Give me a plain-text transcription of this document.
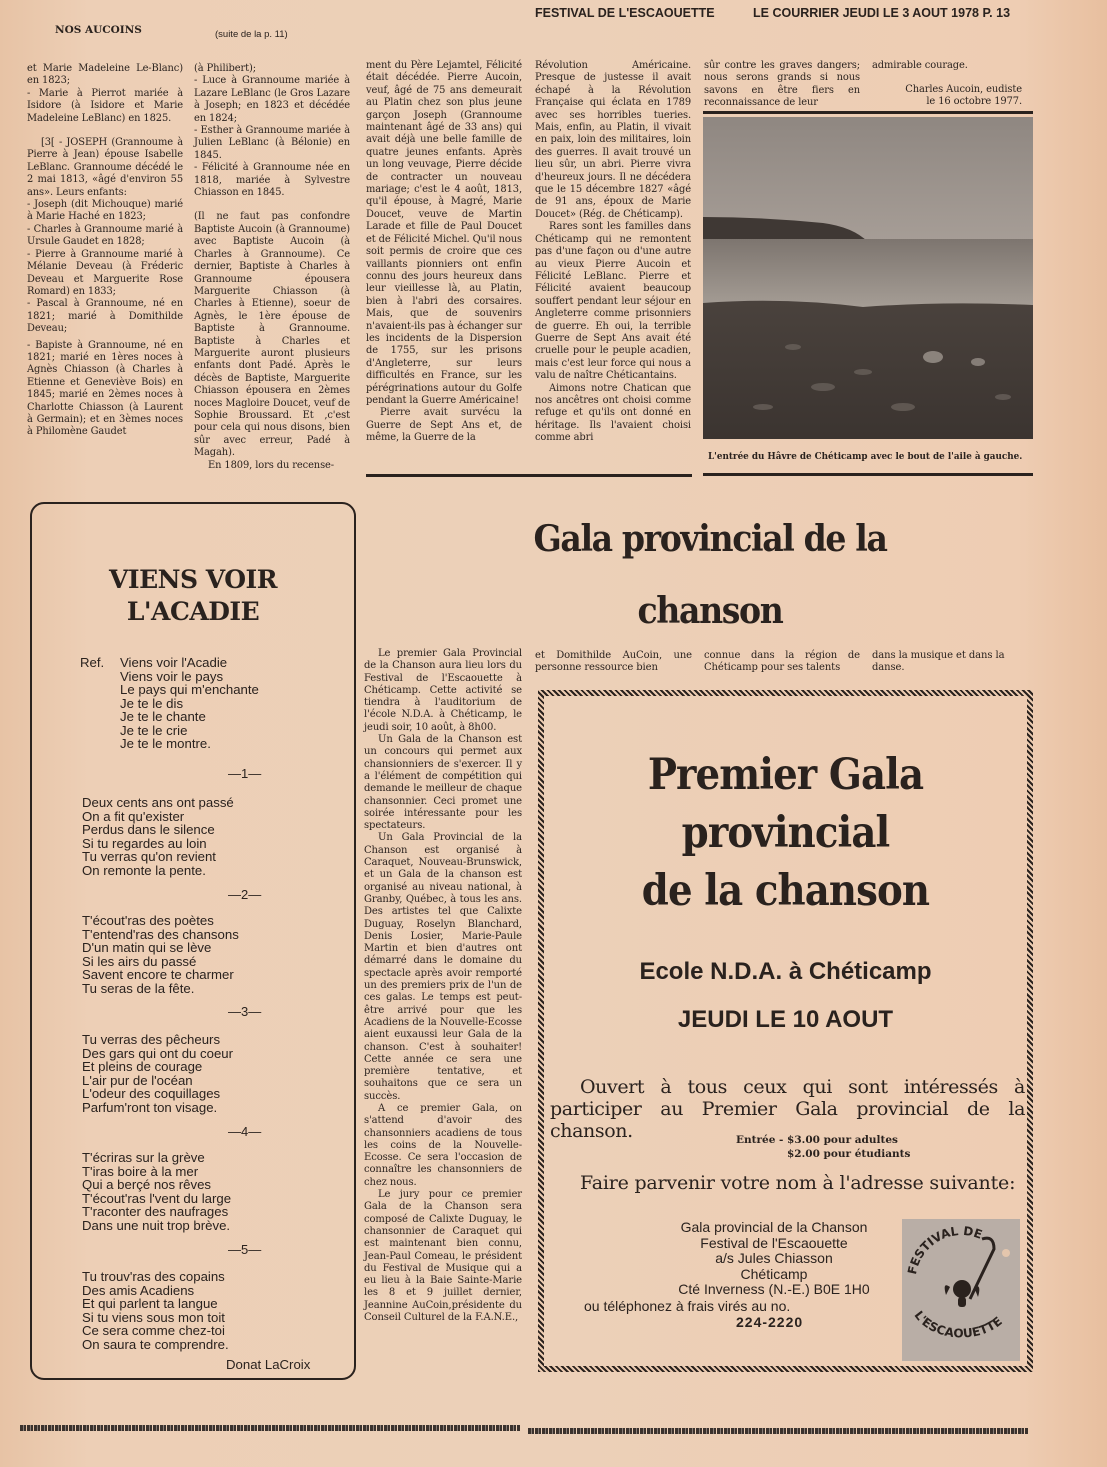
NOS AUCOINS	(suite de la p. 11)
FESTIVAL DE L'ESCAOUETTE	LE COURRIER JEUDI LE 3 AOUT 1978 P. 13

et Marie Madeleine Le-Blanc) en 1823;

- Marie à Pierrot mariée à Isidore (à Isidore et Marie Madeleine LeBlanc) en 1825.

[3[ - JOSEPH (Grannoume à Pierre à Jean) épouse Isabelle LeBlanc. Grannoume décédé le 2 mai 1813, «âgé d'environ 55 ans». Leurs enfants:

- Joseph (dit Michouque) marié à Marie Haché en 1823;

- Charles à Grannoume marié à Ursule Gaudet en 1828;

- Pierre à Grannoume marié à Mélanie Deveau (à Fréderic Deveau et Marguerite Rose Romard) en 1833;

- Pascal à Grannoume, né en 1821; marié à Domithilde Deveau;

- Bapiste à Grannoume, né en 1821; marié en 1ères noces à Agnès Chiasson (à Charles à Etienne et Geneviève Bois) en 1845; marié en 2èmes noces à Charlotte Chiasson (à Laurent à Germain); et en 3èmes noces à Philomène Gaudet

(à Philibert);

- Luce à Grannoume mariée à Lazare LeBlanc (le Gros Lazare à Joseph; en 1823 et décédée en 1824;

- Esther à Grannoume mariée à Julien LeBlanc (à Bélonie) en 1845.

- Félicité à Grannoume née en 1818, mariée à Sylvestre Chiasson en 1845.

(Il ne faut pas confondre Baptiste Aucoin (à Grannoume) avec Baptiste Aucoin (à Charles à Grannoume). Ce dernier, Baptiste à Charles à Grannoume épousera Marguerite Chiasson (à Charles à Etienne), soeur de Agnès, le 1ère épouse de Baptiste à Grannoume. Baptiste à Charles et Marguerite auront plusieurs enfants dont Padé. Après le décès de Baptiste, Marguerite Chiasson épousera en 2èmes noces Magloire Doucet, veuf de Sophie Broussard. Et ,c'est pour cela qui nous disons, bien sûr avec erreur, Padé à Magah).

En 1809, lors du recense-

ment du Père Lejamtel, Félicité était décédée. Pierre Aucoin, veuf, âgé de 75 ans demeurait au Platin chez son plus jeune garçon Joseph (Grannoume maintenant âgé de 33 ans) qui avait déjà une belle famille de quatre jeunes enfants. Après un long veuvage, Pierre décide de contracter un nouveau mariage; c'est le 4 août, 1813, qu'il épouse, à Magré, Marie Doucet, veuve de Martin Larade et fille de Paul Doucet et de Félicité Michel. Qu'il nous soit permis de croire que ces vaillants pionniers ont enfin connu des jours heureux dans leur vieillesse là, au Platin, bien à l'abri des corsaires. Mais, que de souvenirs n'avaient-ils pas à échanger sur les incidents de la Dispersion de 1755, sur les prisons d'Angleterre, sur leurs difficultés en France, sur les pérégrinations autour du Golfe pendant la Guerre Américaine!

Pierre avait survécu la Guerre de Sept Ans et, de même, la Guerre de la

Révolution Américaine. Presque de justesse il avait échapé à la Révolution Française qui éclata en 1789 avec ses horribles tueries. Mais, enfin, au Platin, il vivait en paix, loin des militaires, loin des guerres. Il avait trouvé un lieu sûr, un abri. Pierre vivra d'heureux jours. Il ne décédera que le 15 décembre 1827 «âgé de 91 ans, époux de Marie Doucet» (Rég. de Chéticamp).

Rares sont les familles dans Chéticamp qui ne remontent pas d'une façon ou d'une autre au vieux Pierre Aucoin et Félicité LeBlanc. Pierre et Félicité avaient beaucoup souffert pendant leur séjour en Angleterre comme prisonniers de guerre. Eh oui, la terrible Guerre de Sept Ans avait été cruelle pour le peuple acadien, mais c'est leur force qui nous a valu de naître Chéticantains.

Aimons notre Chatican que nos ancêtres ont choisi comme refuge et qu'ils ont donné en héritage. Ils l'avaient choisi comme abri

sûr contre les graves dangers; nous serons grands si nous savons en être fiers en reconnaissance de leur
admirable courage.
Charles Aucoin, eudiste
le 16 octobre 1977.
L'entrée du Hâvre de Chéticamp avec le bout de l'aile à gauche.
VIENS VOIR
L'ACADIE
Ref. Viens voir l'Acadie
Viens voir le pays
Le pays qui m'enchante
Je te le dis
Je te le chante
Je te le crie
Je te le montre.
—1—
Deux cents ans ont passé
On a fit qu'exister
Perdus dans le silence
Si tu regardes au loin
Tu verras qu'on revient
On remonte la pente.
—2—
T'écout'ras des poètes
T'entend'ras des chansons
D'un matin qui se lève
Si les airs du passé
Savent encore te charmer
Tu seras de la fête.
—3—
Tu verras des pêcheurs
Des gars qui ont du coeur
Et pleins de courage
L'air pur de l'océan
L'odeur des coquillages
Parfum'ront ton visage.
—4—
T'écriras sur la grève
T'iras boire à la mer
Qui a berçé nos rêves
T'écout'ras l'vent du large
T'raconter des naufrages
Dans une nuit trop brève.
—5—
Tu trouv'ras des copains
Des amis Acadiens
Et qui parlent ta langue
Si tu viens sous mon toit
Ce sera comme chez-toi
On saura te comprendre.
Donat LaCroix
Gala provincial de la
chanson

Le premier Gala Provincial de la Chanson aura lieu lors du Festival de l'Escaouette à Chéticamp. Cette activité se tiendra à l'auditorium de l'école N.D.A. à Chéticamp, le jeudi soir, 10 août, à 8h00.

Un Gala de la Chanson est un concours qui permet aux chansionniers de s'exercer. Il y a l'élément de compétition qui demande le meilleur de chaque chansonnier. Ceci promet une soirée intéressante pour les spectateurs.

Un Gala Provincial de la Chanson est organisé à Caraquet, Nouveau-Brunswick, et un Gala de la chanson est organisé au niveau national, à Granby, Québec, à tous les ans. Des artistes tel que Calixte Duguay, Roselyn Blanchard, Denis Losier, Marie-Paule Martin et bien d'autres ont démarré dans le domaine du spectacle après avoir remporté un des premiers prix de l'un de ces galas. Le temps est peut-être arrivé pour que les Acadiens de la Nouvelle-Ecosse aient euxaussi leur Gala de la chanson. C'est à souhaiter! Cette année ce sera une première tentative, et souhaitons que ce sera un succès.

A ce premier Gala, on s'attend d'avoir des chansonniers acadiens de tous les coins de la Nouvelle-Ecosse. Ce sera l'occasion de connaître les chansonniers de chez nous.

Le jury pour ce premier Gala de la Chanson sera composé de Calixte Duguay, le chansonnier de Caraquet qui est maintenant bien connu, Jean-Paul Comeau, le président du Festival de Musique qui a eu lieu à la Baie Sainte-Marie les 8 et 9 juillet dernier, Jeannine AuCoin,présidente du Conseil Culturel de la F.A.N.E.,

et Domithilde AuCoin, une personne ressource bien
connue dans la région de Chéticamp pour ses talents
dans la musique et dans la danse.
Premier Gala
provincial
de la chanson
Ecole N.D.A. à Chéticamp
JEUDI LE 10 AOUT
Ouvert à tous ceux qui sont intéressés à participer au Premier Gala provincial de la chanson.	Entrée - $3.00 pour adultes
$2.00 pour étudiants
Faire parvenir votre nom à l'adresse suivante:
Gala provincial de la Chanson
Festival de l'Escaouette
a/s Jules Chiasson
Chéticamp
Cté Inverness (N.-E.) B0E 1H0
ou téléphonez à frais virés au no.
224-2220
FESTIVAL DE
L'ESCAOUETTE
